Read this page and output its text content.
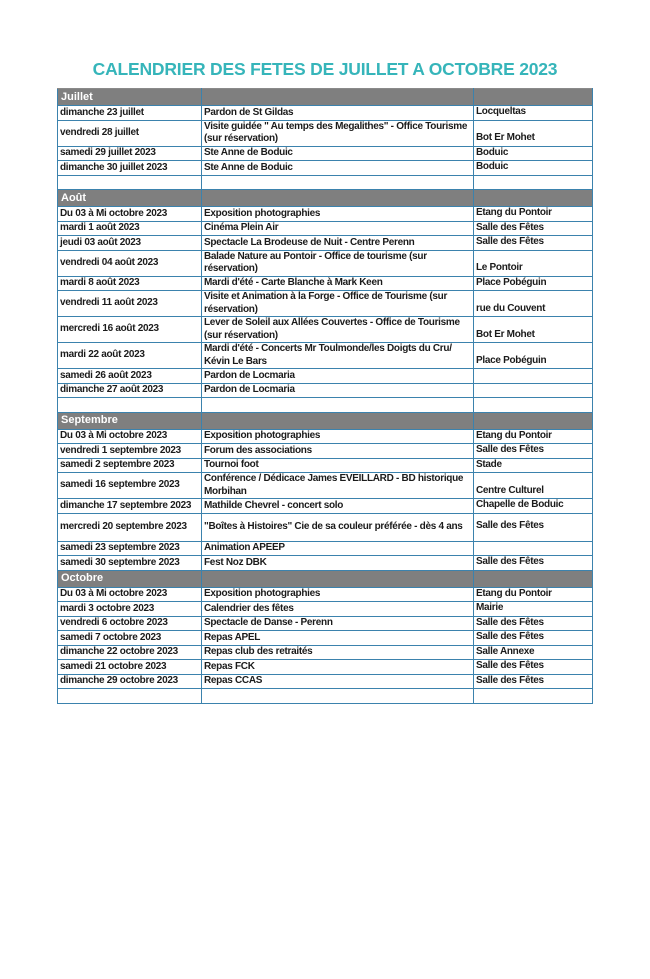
CALENDRIER DES FETES DE JUILLET A OCTOBRE 2023
Juillet		
dimanche 23 juillet	Pardon de St Gildas	Locqueltas
vendredi 28 juillet	Visite guidée " Au temps des Megalithes" - Office Tourisme (sur réservation)	Bot Er Mohet
samedi 29 juillet 2023	Ste Anne de Boduic	Boduic
dimanche 30 juillet 2023	Ste Anne de Boduic	Boduic

Août		
Du 03 à Mi octobre 2023	Exposition photographies	Etang du Pontoir
mardi 1 août 2023	Cinéma Plein Air	Salle des Fêtes
jeudi 03 août 2023	Spectacle La Brodeuse de Nuit - Centre Perenn	Salle des Fêtes
vendredi 04 août 2023	Balade Nature au Pontoir - Office de tourisme (sur réservation)	Le Pontoir
mardi 8 août 2023	Mardi d'été - Carte Blanche à Mark Keen	Place Pobéguin
vendredi 11 août 2023	Visite et Animation à la Forge - Office de Tourisme (sur réservation)	rue du Couvent
mercredi 16 août 2023	Lever de Soleil aux Allées Couvertes - Office de Tourisme (sur réservation)	Bot Er Mohet
mardi 22 août 2023	Mardi d'été - Concerts Mr Toulmonde/les Doigts du Cru/ Kévin Le Bars	Place Pobéguin
samedi 26 août 2023	Pardon de Locmaria	
dimanche 27 août 2023	Pardon de Locmaria	

Septembre		
Du 03 à Mi octobre 2023	Exposition photographies	Etang du Pontoir
vendredi 1 septembre 2023	Forum des associations	Salle des Fêtes
samedi 2 septembre 2023	Tournoi foot	Stade
samedi 16 septembre 2023	Conférence / Dédicace James EVEILLARD - BD historique Morbihan	Centre Culturel
dimanche 17 septembre 2023	Mathilde Chevrel - concert solo	Chapelle de Boduic
mercredi 20 septembre 2023	"Boîtes à Histoires" Cie de sa couleur préférée - dès 4 ans	Salle des Fêtes
samedi 23 septembre 2023	Animation APEEP	
samedi 30 septembre 2023	Fest Noz DBK	Salle des Fêtes
Octobre		
Du 03 à Mi octobre 2023	Exposition photographies	Etang du Pontoir
mardi 3 octobre 2023	Calendrier des fêtes	Mairie
vendredi 6 octobre 2023	Spectacle de Danse - Perenn	Salle des Fêtes
samedi 7 octobre 2023	Repas APEL	Salle des Fêtes
dimanche 22 octobre 2023	Repas club des retraités	Salle Annexe
samedi 21 octobre 2023	Repas FCK	Salle des Fêtes
dimanche 29 octobre 2023	Repas CCAS	Salle des Fêtes
